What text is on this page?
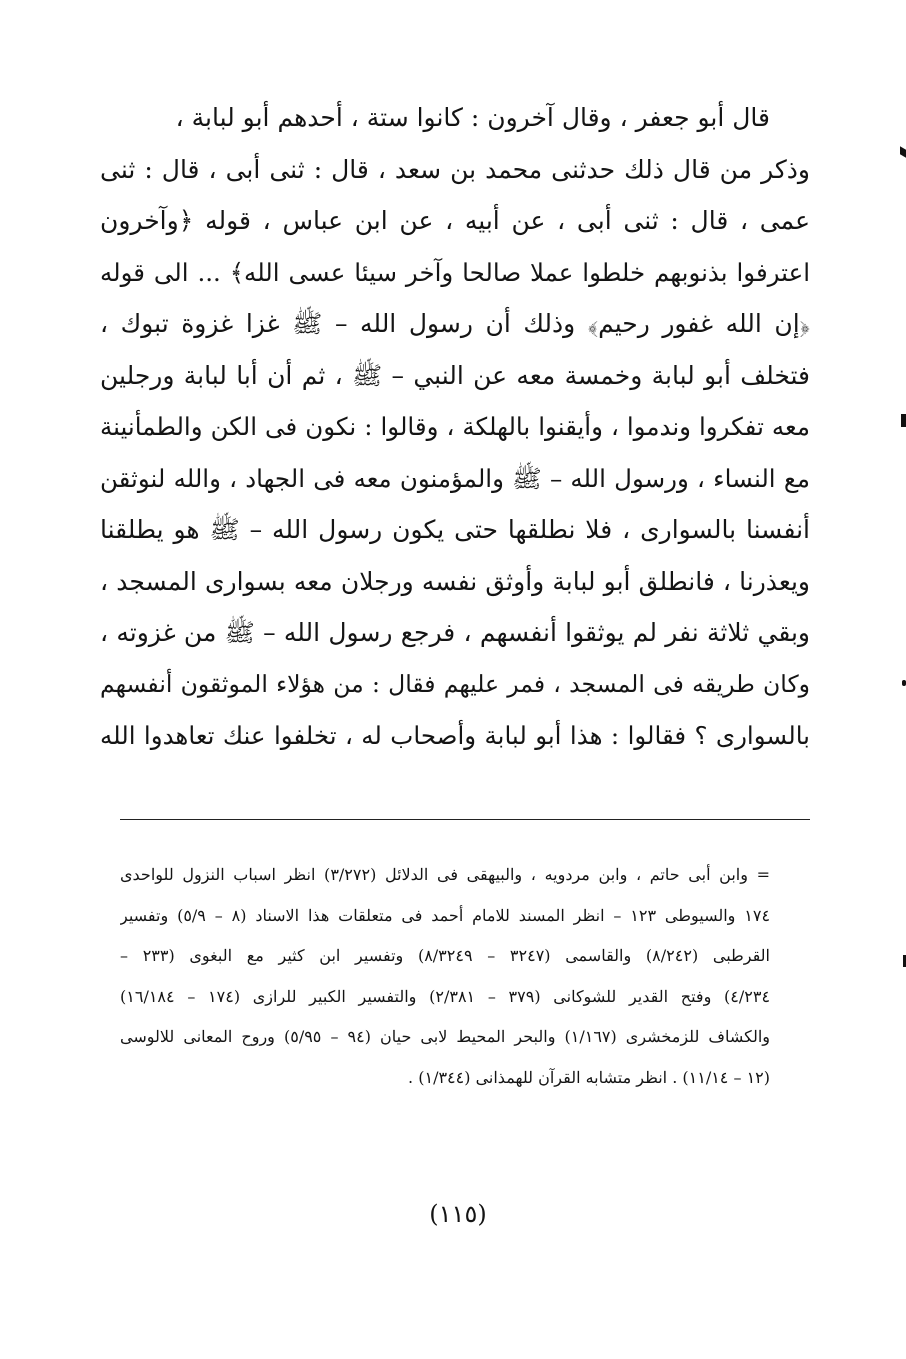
قال أبو جعفر ، وقال آخرون : كانوا ستة ، أحدهم أبو لبابة ،
وذكر من قال ذلك حدثنى محمد بن سعد ، قال : ثنى أبى ، قال : ثنى
عمى ، قال : ثنى أبى ، عن أبيه ، عن ابن عباس ، قوله ﴿وآخرون
اعترفوا بذنوبهم خلطوا عملا صالحا وآخر سيئا عسى الله﴾ ... الى قوله
﴿إن الله غفور رحيم﴾ وذلك أن رسول الله – ﷺ غزا غزوة تبوك ،
فتخلف أبو لبابة وخمسة معه عن النبي – ﷺ ، ثم أن أبا لبابة ورجلين
معه تفكروا وندموا ، وأيقنوا بالهلكة ، وقالوا : نكون فى الكن والطمأنينة
مع النساء ، ورسول الله – ﷺ والمؤمنون معه فى الجهاد ، والله لنوثقن
أنفسنا بالسوارى ، فلا نطلقها حتى يكون رسول الله – ﷺ هو يطلقنا
ويعذرنا ، فانطلق أبو لبابة وأوثق نفسه ورجلان معه بسوارى المسجد ،
وبقي ثلاثة نفر لم يوثقوا أنفسهم ، فرجع رسول الله – ﷺ من غزوته ،
وكان طريقه فى المسجد ، فمر عليهم فقال : من هؤلاء الموثقون أنفسهم
بالسوارى ؟ فقالوا : هذا أبو لبابة وأصحاب له ، تخلفوا عنك تعاهدوا الله
= وابن أبى حاتم ، وابن مردويه ، والبيهقى فى الدلائل (٣/٢٧٢) انظر اسباب النزول للواحدى
١٧٤ والسيوطى ١٢٣ – انظر المسند للامام أحمد فى متعلقات هذا الاسناد (٨ – ٥/٩) وتفسير
القرطبى (٨/٢٤٢) والقاسمى (٣٢٤٧ – ٨/٣٢٤٩) وتفسير ابن كثير مع البغوى (٢٣٣ –
٤/٢٣٤) وفتح القدير للشوكانى (٣٧٩ – ٢/٣٨١) والتفسير الكبير للرازى (١٧٤ – ١٦/١٨٤)
والكشاف للزمخشرى (١/١٦٧) والبحر المحيط لابى حيان (٩٤ – ٥/٩٥) وروح المعانى للالوسى
(١٢ – ١١/١٤) . انظر متشابه القرآن للهمذانى (١/٣٤٤) .
(١١٥)
